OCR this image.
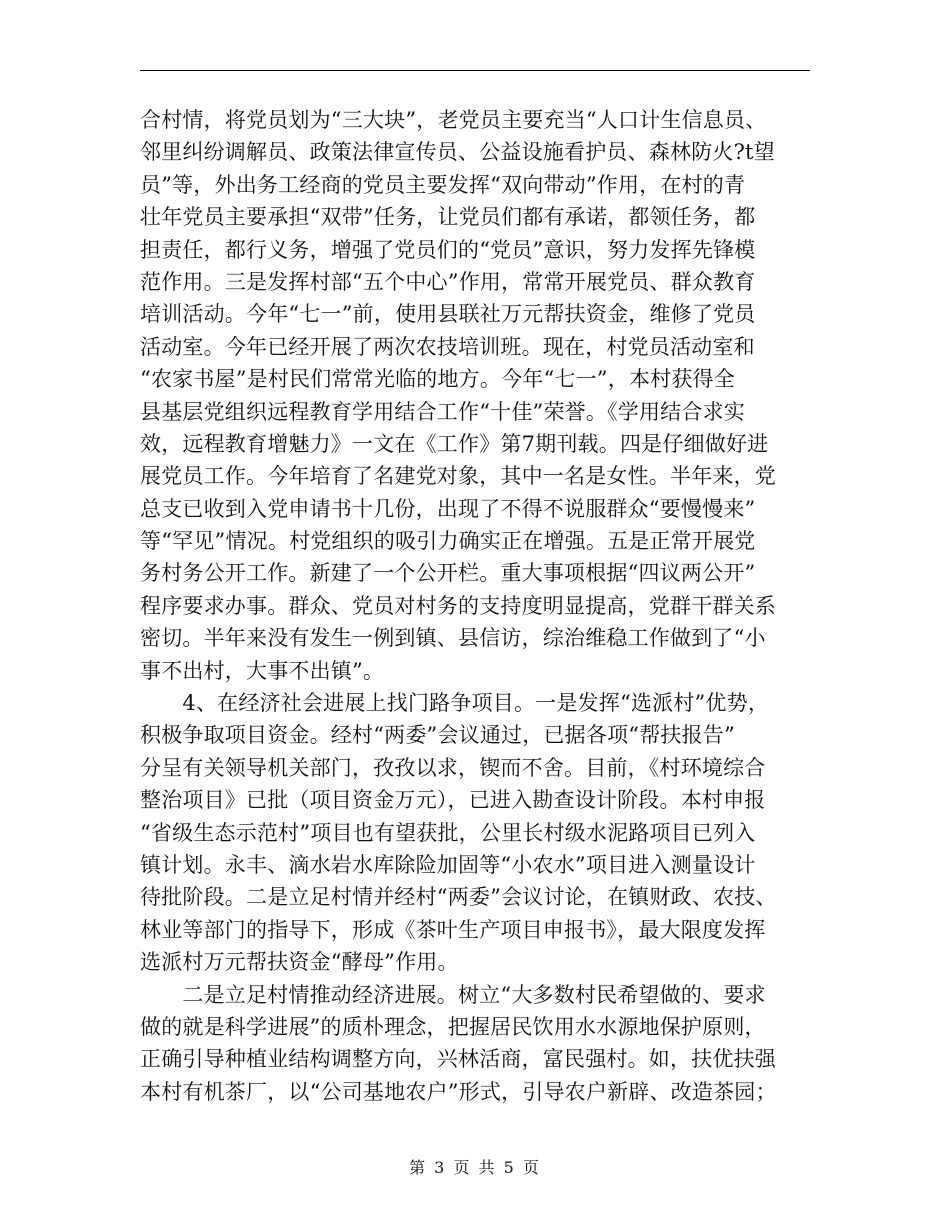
合村情，将党员划为“三大块”，老党员主要充当“人口计生信息员、
邻里纠纷调解员、政策法律宣传员、公益设施看护员、森林防火?t望
员”等，外出务工经商的党员主要发挥“双向带动”作用，在村的青
壮年党员主要承担“双带”任务，让党员们都有承诺，都领任务，都
担责任，都行义务，增强了党员们的“党员”意识，努力发挥先锋模
范作用。三是发挥村部“五个中心”作用，常常开展党员、群众教育
培训活动。今年“七一”前，使用县联社万元帮扶资金，维修了党员
活动室。今年已经开展了两次农技培训班。现在，村党员活动室和
“农家书屋”是村民们常常光临的地方。今年“七一”，本村获得全
县基层党组织远程教育学用结合工作“十佳”荣誉。《学用结合求实
效，远程教育增魅力》一文在《工作》第7期刊载。四是仔细做好进
展党员工作。今年培育了名建党对象，其中一名是女性。半年来，党
总支已收到入党申请书十几份，出现了不得不说服群众“要慢慢来”
等“罕见”情况。村党组织的吸引力确实正在增强。五是正常开展党
务村务公开工作。新建了一个公开栏。重大事项根据“四议两公开”
程序要求办事。群众、党员对村务的支持度明显提高，党群干群关系
密切。半年来没有发生一例到镇、县信访，综治维稳工作做到了“小
事不出村，大事不出镇”。
　　4、在经济社会进展上找门路争项目。一是发挥“选派村”优势，
积极争取项目资金。经村“两委”会议通过，已据各项“帮扶报告”
分呈有关领导机关部门，孜孜以求，锲而不舍。目前，《村环境综合
整治项目》已批（项目资金万元），已进入勘查设计阶段。本村申报
“省级生态示范村”项目也有望获批，公里长村级水泥路项目已列入
镇计划。永丰、滴水岩水库除险加固等“小农水”项目进入测量设计
待批阶段。二是立足村情并经村“两委”会议讨论，在镇财政、农技、
林业等部门的指导下，形成《茶叶生产项目申报书》，最大限度发挥
选派村万元帮扶资金“酵母”作用。
　　二是立足村情推动经济进展。树立“大多数村民希望做的、要求
做的就是科学进展”的质朴理念，把握居民饮用水水源地保护原则，
正确引导种植业结构调整方向，兴林活商，富民强村。如，扶优扶强
本村有机茶厂，以“公司基地农户”形式，引导农户新辟、改造茶园；
第 3 页 共 5 页
